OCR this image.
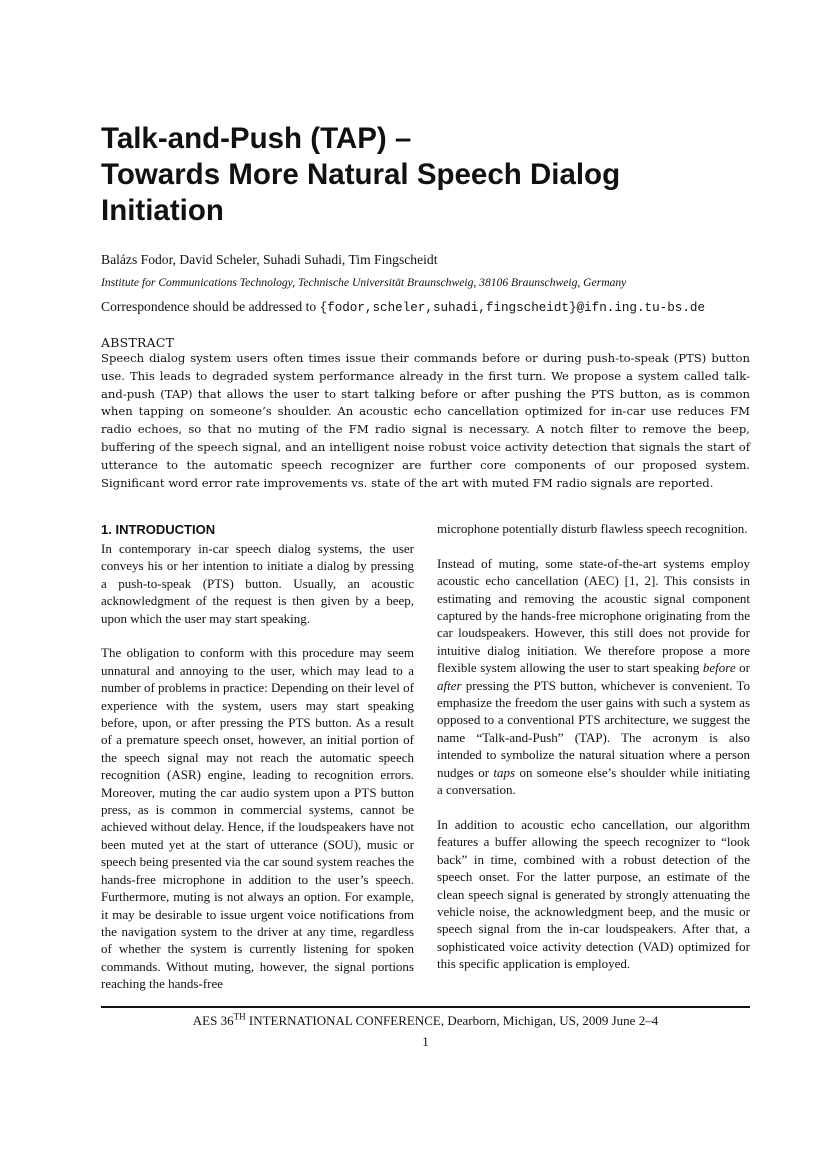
Talk-and-Push (TAP) –
Towards More Natural Speech Dialog
Initiation
Balázs Fodor, David Scheler, Suhadi Suhadi, Tim Fingscheidt
Institute for Communications Technology, Technische Universität Braunschweig, 38106 Braunschweig, Germany
Correspondence should be addressed to {fodor,scheler,suhadi,fingscheidt}@ifn.ing.tu-bs.de
ABSTRACT

Speech dialog system users often times issue their commands before or during push-to-speak (PTS) button use. This leads to degraded system performance already in the first turn. We propose a system called talk-and-push (TAP) that allows the user to start talking before or after pushing the PTS button, as is common when tapping on someone’s shoulder. An acoustic echo cancellation optimized for in-car use reduces FM radio echoes, so that no muting of the FM radio signal is necessary. A notch filter to remove the beep, buffering of the speech signal, and an intelligent noise robust voice activity detection that signals the start of utterance to the automatic speech recognizer are further core components of our proposed system. Significant word error rate improvements vs. state of the art with muted FM radio signals are reported.

1. INTRODUCTION

In contemporary in-car speech dialog systems, the user conveys his or her intention to initiate a dialog by pressing a push-to-speak (PTS) button. Usually, an acoustic acknowledgment of the request is then given by a beep, upon which the user may start speaking.

The obligation to conform with this procedure may seem unnatural and annoying to the user, which may lead to a number of problems in practice: Depending on their level of experience with the system, users may start speaking before, upon, or after pressing the PTS button. As a result of a premature speech onset, however, an initial portion of the speech signal may not reach the automatic speech recognition (ASR) engine, leading to recognition errors. Moreover, muting the car audio system upon a PTS button press, as is common in commercial systems, cannot be achieved without delay. Hence, if the loudspeakers have not been muted yet at the start of utterance (SOU), music or speech being presented via the car sound system reaches the hands-free microphone in addition to the user’s speech. Furthermore, muting is not always an option. For example, it may be desirable to issue urgent voice notifications from the navigation system to the driver at any time, regardless of whether the system is currently listening for spoken commands. Without muting, however, the signal portions reaching the hands-free

microphone potentially disturb flawless speech recognition.

Instead of muting, some state-of-the-art systems employ acoustic echo cancellation (AEC) [1, 2]. This consists in estimating and removing the acoustic signal component captured by the hands-free microphone originating from the car loudspeakers. However, this still does not provide for intuitive dialog initiation. We therefore propose a more flexible system allowing the user to start speaking before or after pressing the PTS button, whichever is convenient. To emphasize the freedom the user gains with such a system as opposed to a conventional PTS architecture, we suggest the name “Talk-and-Push” (TAP). The acronym is also intended to symbolize the natural situation where a person nudges or taps on someone else’s shoulder while initiating a conversation.

In addition to acoustic echo cancellation, our algorithm features a buffer allowing the speech recognizer to “look back” in time, combined with a robust detection of the speech onset. For the latter purpose, an estimate of the clean speech signal is generated by strongly attenuating the vehicle noise, the acknowledgment beep, and the music or speech signal from the in-car loudspeakers. After that, a sophisticated voice activity detection (VAD) optimized for this specific application is employed.

AES 36TH INTERNATIONAL CONFERENCE, Dearborn, Michigan, US, 2009 June 2–4
1
